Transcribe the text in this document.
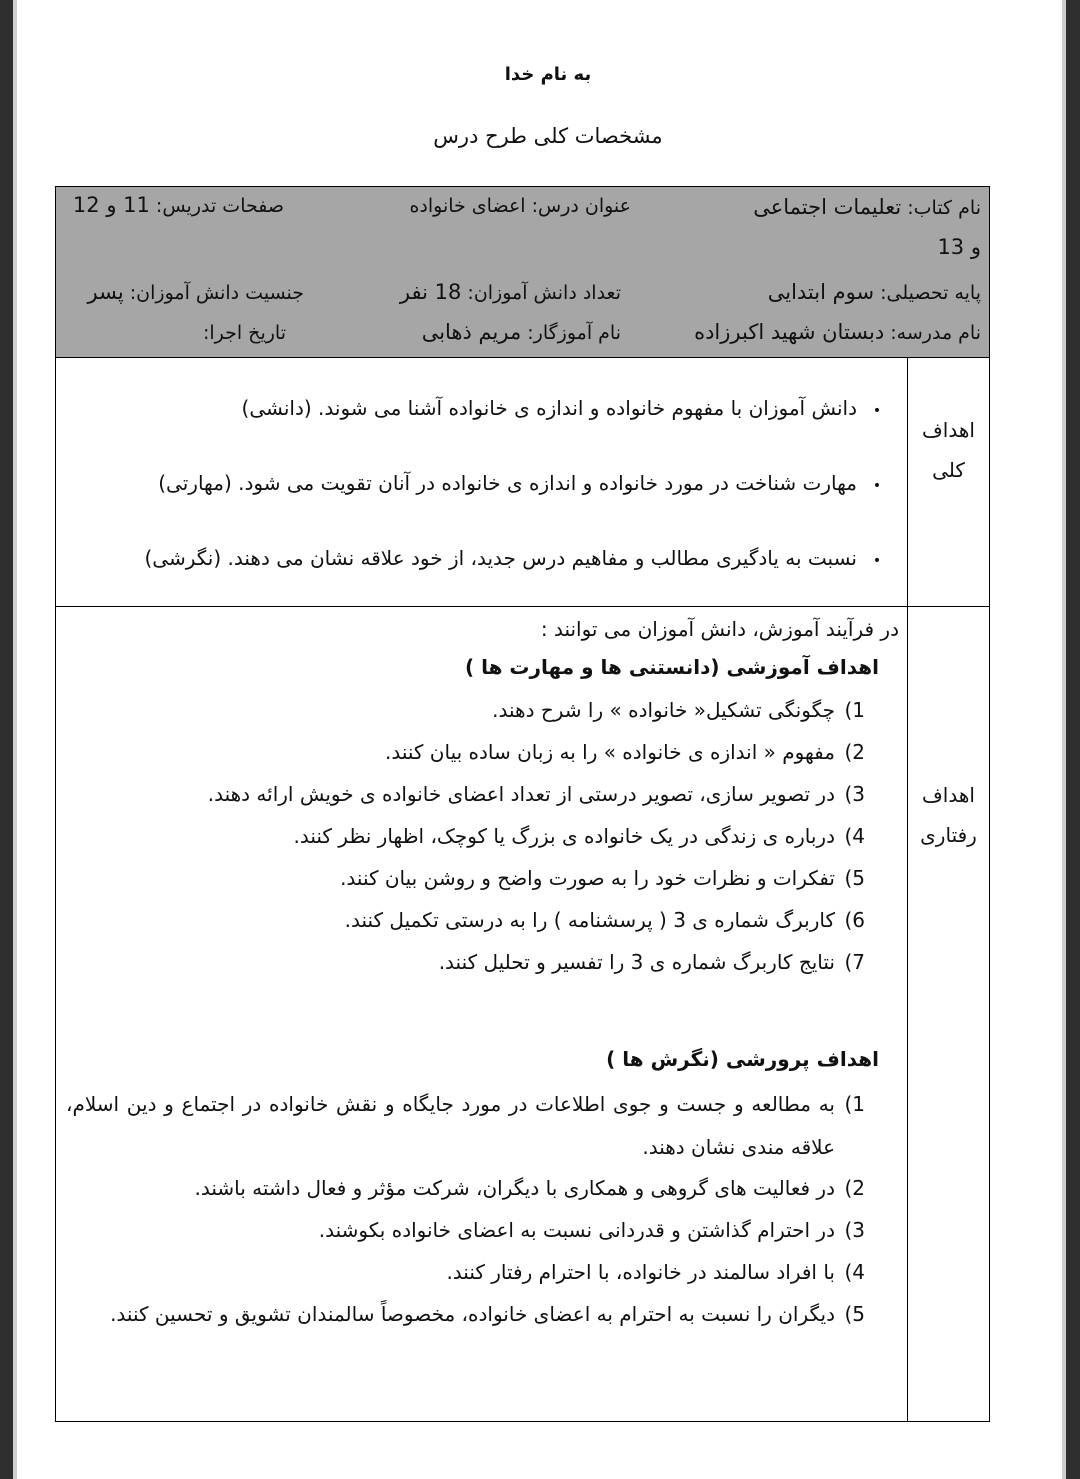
به نام خدا
مشخصات کلی طرح درس
نام کتاب: تعلیمات اجتماعی
عنوان درس: اعضای خانواده
صفحات تدریس: 11 و 12
و 13
پایه تحصیلی: سوم ابتدایی
تعداد دانش آموزان: 18 نفر
جنسیت دانش آموزان: پسر
نام مدرسه: دبستان شهید اکبرزاده
نام آموزگار: مریم ذهابی
تاریخ اجرا:
•دانش آموزان با مفهوم خانواده و اندازه ی خانواده آشنا می شوند. (دانشی)
•مهارت شناخت در مورد خانواده و اندازه ی خانواده در آنان تقویت می شود. (مهارتی)
•نسبت به یادگیری مطالب و مفاهیم درس جدید، از خود علاقه نشان می دهند. (نگرشی)
اهداف
کلی
در فرآیند آموزش، دانش آموزان می توانند :
اهداف آموزشی (دانستنی ها و مهارت ها )
1)
چگونگی تشکیل« خانواده » را شرح دهند.
2)
مفهوم « اندازه ی خانواده » را به زبان ساده بیان کنند.
3)
در تصویر سازی، تصویر درستی از تعداد اعضای خانواده ی خویش ارائه دهند.
4)
درباره ی زندگی در یک خانواده ی بزرگ یا کوچک، اظهار نظر کنند.
5)
تفکرات و نظرات خود را به صورت واضح و روشن بیان کنند.
6)
کاربرگ شماره ی 3 ( پرسشنامه ) را به درستی تکمیل کنند.
7)
نتایج کاربرگ شماره ی 3 را تفسیر و تحلیل کنند.
اهداف پرورشی (نگرش ها )
1)
به مطالعه و جست و جوی اطلاعات در مورد جایگاه و نقش خانواده در اجتماع و دین اسلام، علاقه مندی نشان دهند.
2)
در فعالیت های گروهی و همکاری با دیگران، شرکت مؤثر و فعال داشته باشند.
3)
در احترام گذاشتن و قدردانی نسبت به اعضای خانواده بکوشند.
4)
با افراد سالمند در خانواده، با احترام رفتار کنند.
5)
دیگران را نسبت به احترام به اعضای خانواده، مخصوصاً سالمندان تشویق و تحسین کنند.
اهداف
رفتاری
